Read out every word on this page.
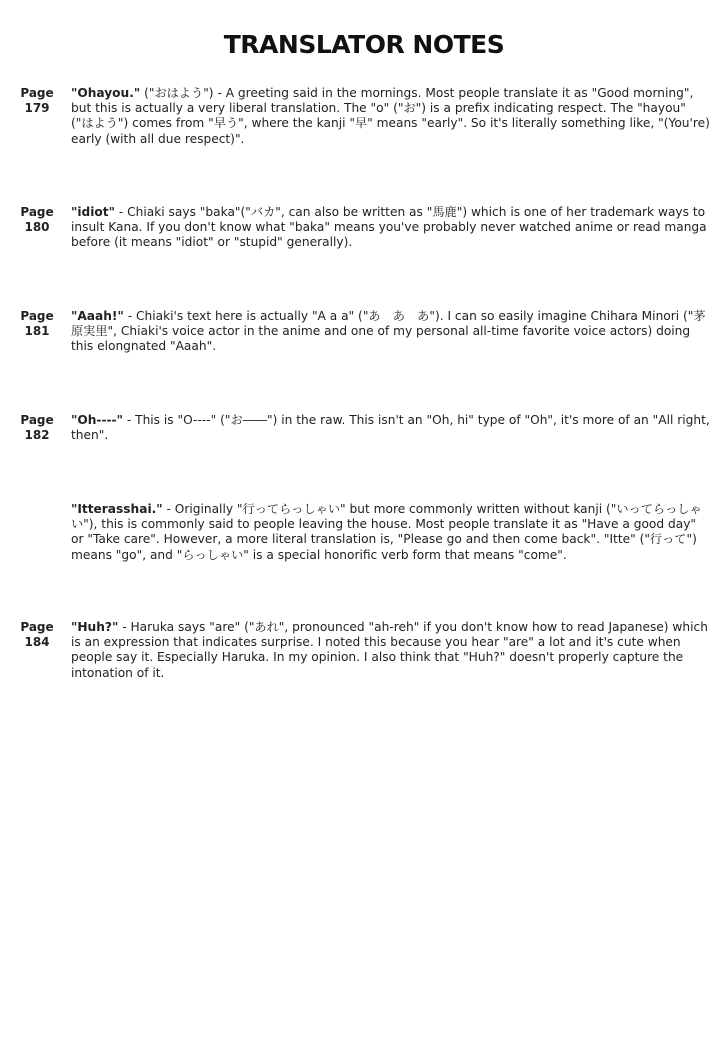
TRANSLATOR NOTES
Page
179
"Ohayou." ("おはよう") - A greeting said in the mornings. Most people translate it as "Good morning", but this is actually a very liberal translation. The "o" ("お") is a prefix indicating respect. The "hayou" ("はよう") comes from "早う", where the kanji "早" means "early". So it's literally something like, "(You're) early (with all due respect)".
Page
180
"idiot" - Chiaki says "baka"("バカ", can also be written as "馬鹿") which is one of her trademark ways to insult Kana. If you don't know what "baka" means you've probably never watched anime or read manga before (it means "idiot" or "stupid" generally).
Page
181
"Aaah!" - Chiaki's text here is actually "A a a" ("あ　あ　あ"). I can so easily imagine Chihara Minori ("茅原実里", Chiaki's voice actor in the anime and one of my personal all-time favorite voice actors) doing this elongnated "Aaah".
Page
182
"Oh----" - This is "O----" ("お――") in the raw. This isn't an "Oh, hi" type of "Oh", it's more of an "All right, then".
"Itterasshai." - Originally "行ってらっしゃい" but more commonly written without kanji ("いってらっしゃい"), this is commonly said to people leaving the house. Most people translate it as "Have a good day" or "Take care". However, a more literal translation is, "Please go and then come back". "Itte" ("行って") means "go", and "らっしゃい" is a special honorific verb form that means "come".
Page
184
"Huh?" - Haruka says "are" ("あれ", pronounced "ah-reh" if you don't know how to read Japanese) which is an expression that indicates surprise. I noted this because you hear "are" a lot and it's cute when people say it. Especially Haruka. In my opinion. I also think that "Huh?" doesn't properly capture the intonation of it.
